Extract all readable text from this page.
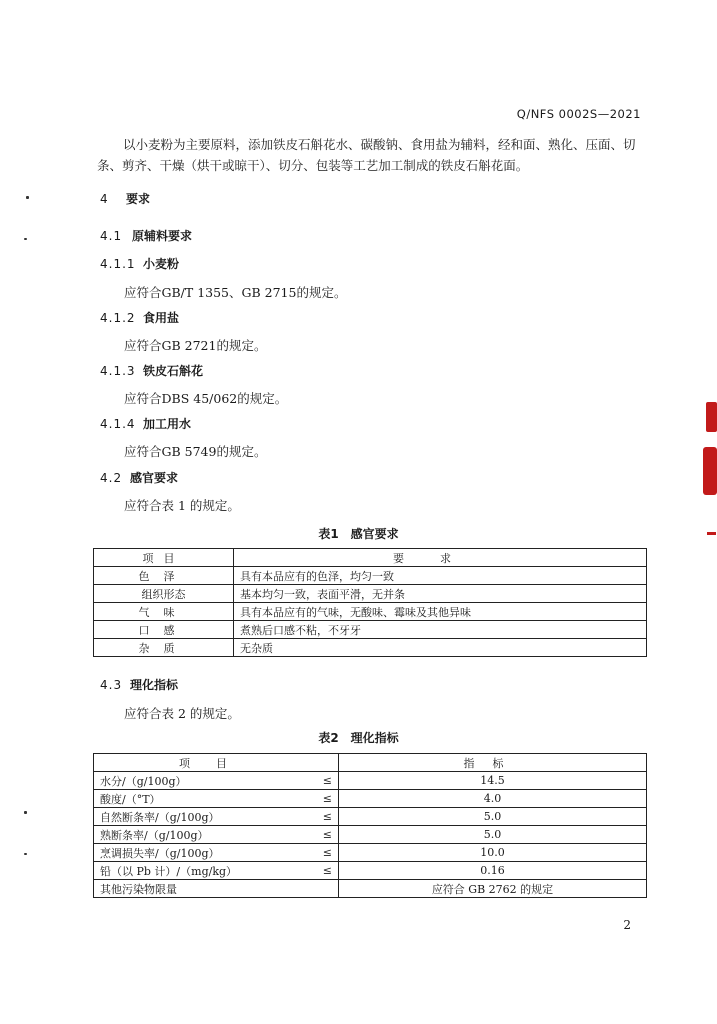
Q/NFS 0002S—2021
以小麦粉为主要原料，添加铁皮石斛花水、碳酸钠、食用盐为辅料，经和面、熟化、压面、切条、剪齐、干燥（烘干或晾干）、切分、包装等工艺加工制成的铁皮石斛花面。
4 要求
4.1 原辅料要求
4.1.1 小麦粉
应符合GB/T 1355、GB 2715的规定。
4.1.2 食用盐
应符合GB 2721的规定。
4.1.3 铁皮石斛花
应符合DBS 45/062的规定。
4.1.4 加工用水
应符合GB 5749的规定。
4.2 感官要求
应符合表 1 的规定。
表1　感官要求
项目	要求
色泽	具有本品应有的色泽，均匀一致
组织形态	基本均匀一致，表面平滑，无并条
气味	具有本品应有的气味，无酸味、霉味及其他异味
口感	煮熟后口感不粘，不牙牙
杂质	无杂质
4.3 理化指标
应符合表 2 的规定。
表2　理化指标
项目		指标
水分/（g/100g）	≤	14.5
酸度/（°T）	≤	4.0
自然断条率/（g/100g）	≤	5.0
熟断条率/（g/100g）	≤	5.0
烹调损失率/（g/100g）	≤	10.0
铅（以 Pb 计）/（mg/kg）	≤	0.16
其他污染物限量		应符合 GB 2762 的规定
2
